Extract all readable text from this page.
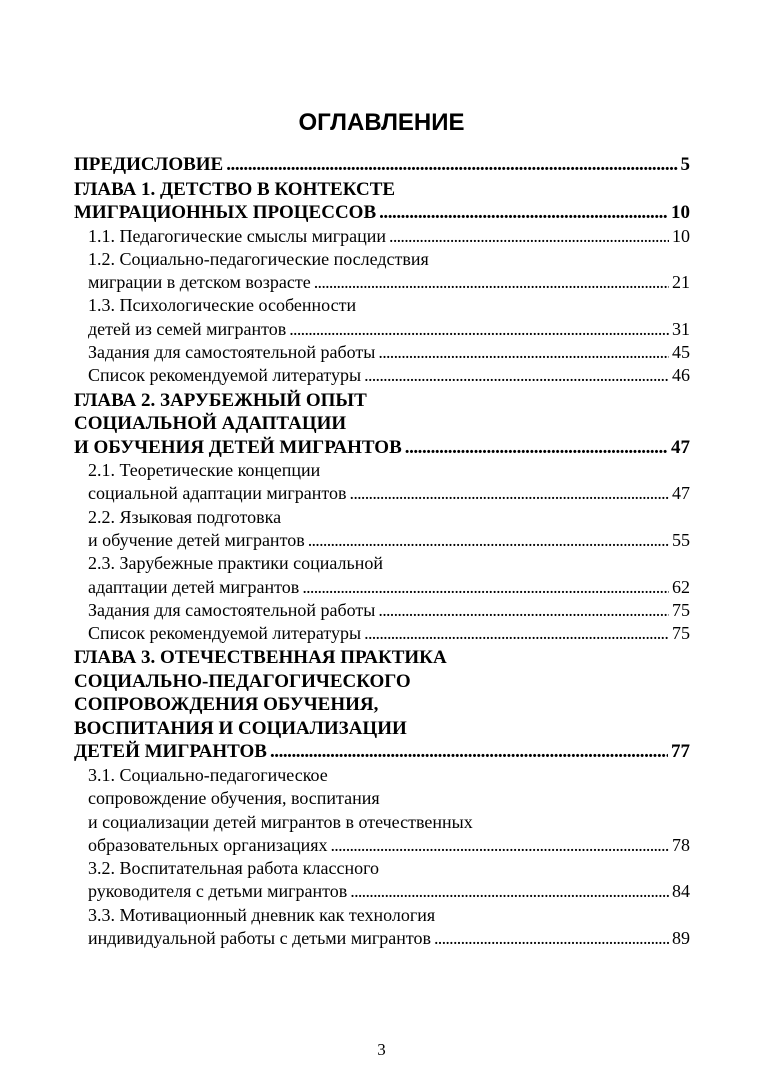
ОГЛАВЛЕНИЕ
ПРЕДИСЛОВИЕ . . .	5
ГЛАВА 1. ДЕТСТВО В КОНТЕКСТЕ
МИГРАЦИОННЫХ ПРОЦЕССОВ . . .	10
1.1. Педагогические смыслы миграции . . .	10
1.2. Социально-педагогические последствия
миграции в детском возрасте . . .	21
1.3. Психологические особенности
детей из семей мигрантов . . .	31
Задания для самостоятельной работы . . .	45
Список рекомендуемой литературы . . .	46
ГЛАВА 2. ЗАРУБЕЖНЫЙ ОПЫТ
СОЦИАЛЬНОЙ АДАПТАЦИИ
И ОБУЧЕНИЯ ДЕТЕЙ МИГРАНТОВ . . .	47
2.1. Теоретические концепции
социальной адаптации мигрантов . . .	47
2.2. Языковая подготовка
и обучение детей мигрантов . . .	55
2.3. Зарубежные практики социальной
адаптации детей мигрантов . . .	62
Задания для самостоятельной работы . . .	75
Список рекомендуемой литературы . . .	75
ГЛАВА 3. ОТЕЧЕСТВЕННАЯ ПРАКТИКА
СОЦИАЛЬНО-ПЕДАГОГИЧЕСКОГО
СОПРОВОЖДЕНИЯ ОБУЧЕНИЯ,
ВОСПИТАНИЯ И СОЦИАЛИЗАЦИИ
ДЕТЕЙ МИГРАНТОВ . . .	77
3.1. Социально-педагогическое
сопровождение обучения, воспитания
и социализации детей мигрантов в отечественных
образовательных организациях . . .	78
3.2. Воспитательная работа классного
руководителя с детьми мигрантов . . .	84
3.3. Мотивационный дневник как технология
индивидуальной работы с детьми мигрантов . . .	89
3
